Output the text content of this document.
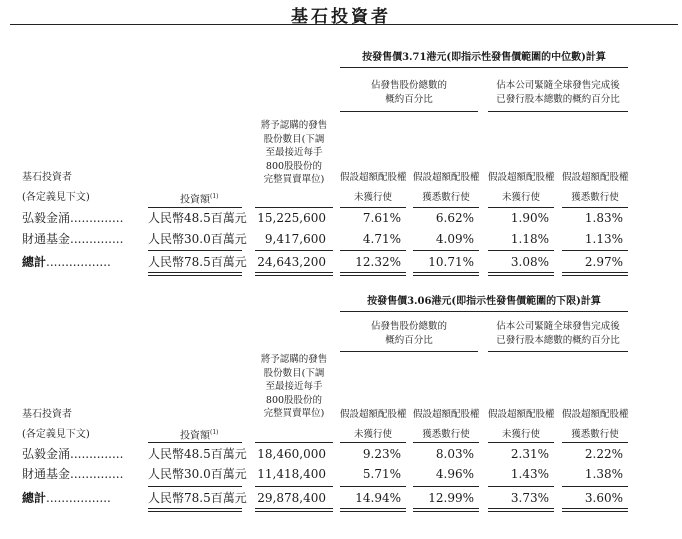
基石投資者
按發售價3.71港元(即指示性發售價範圍的中位數)計算
佔發售股份總數的
概約百分比
佔本公司緊隨全球發售完成後
已發行股本總數的概約百分比
將予認購的發售
股份數目(下調
至最接近每手
800股股份的
完整買賣單位)
基石投資者
(各定義見下文)	投資額$^{(1)}$
假設超額配股權
未獲行使
假設超額配股權
獲悉數行使
假設超額配股權
未獲行使
假設超額配股權
獲悉數行使
弘毅金涌.............. 人民幣48.5百萬元 15,225,600	7.61%	6.62%	1.90%	1.83%
財通基金.............. 人民幣30.0百萬元	9,417,600	4.71%	4.09%	1.18%	1.13%
總計.................	人民幣78.5百萬元 24,643,200	12.32%	10.71%	3.08%	2.97%
按發售價3.06港元(即指示性發售價範圍的下限)計算
佔發售股份總數的
概約百分比
佔本公司緊隨全球發售完成後
已發行股本總數的概約百分比
將予認購的發售
股份數目(下調
至最接近每手
800股股份的
完整買賣單位)
基石投資者
(各定義見下文)	投資額$^{(1)}$
假設超額配股權
未獲行使
假設超額配股權
獲悉數行使
假設超額配股權
未獲行使
假設超額配股權
獲悉數行使
弘毅金涌.............. 人民幣48.5百萬元 18,460,000	9.23%	8.03%	2.31%	2.22%
財通基金.............. 人民幣30.0百萬元 11,418,400	5.71%	4.96%	1.43%	1.38%
總計.................	人民幣78.5百萬元 29,878,400	14.94%	12.99%	3.73%	3.60%
